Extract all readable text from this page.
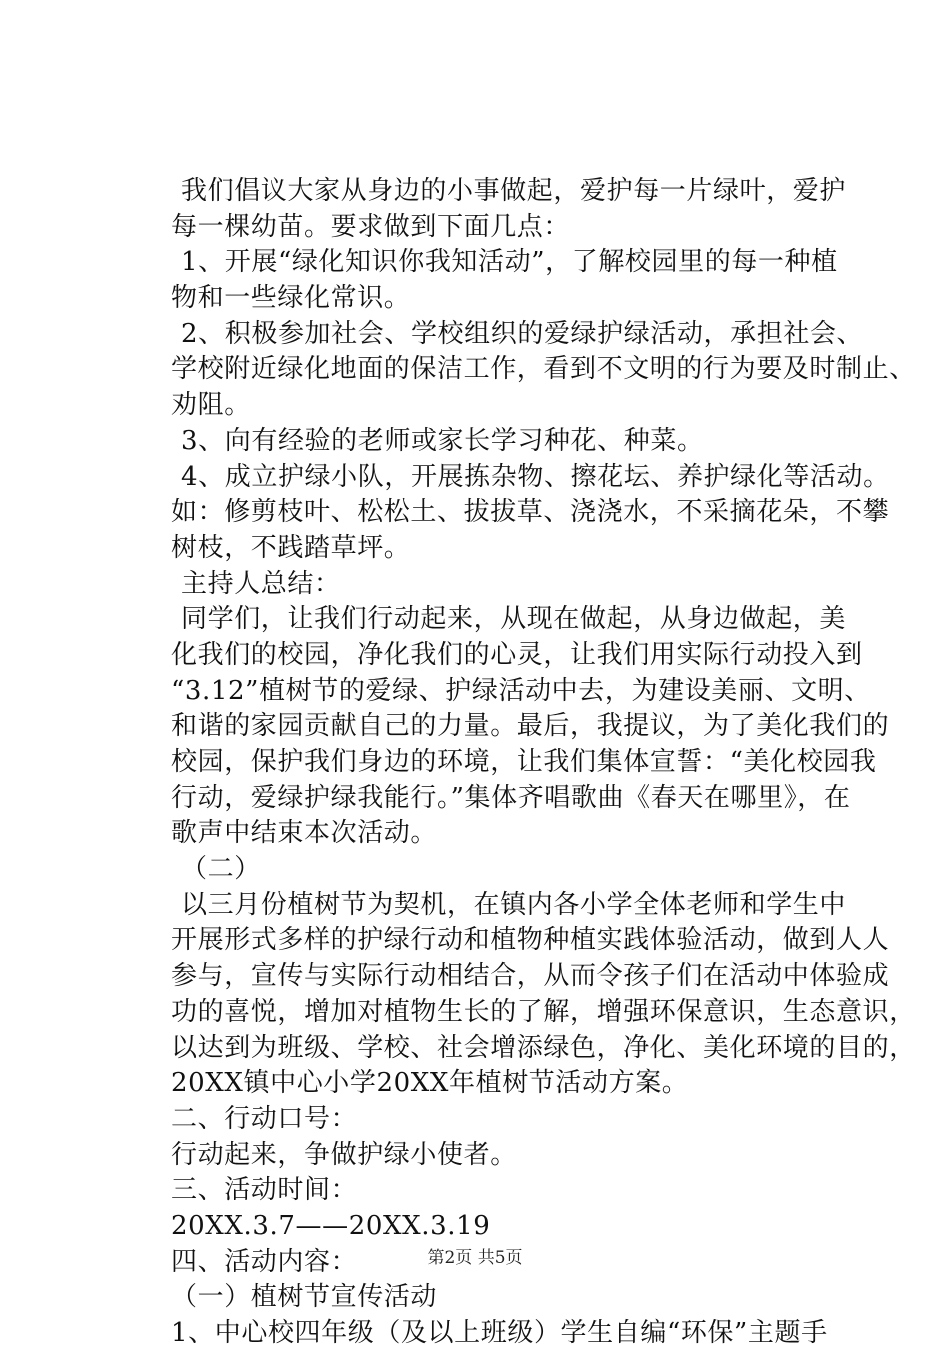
我们倡议大家从身边的小事做起，爱护每一片绿叶，爱护
每一棵幼苗。要求做到下面几点：
1、开展“绿化知识你我知活动”，了解校园里的每一种植
物和一些绿化常识。
2、积极参加社会、学校组织的爱绿护绿活动，承担社会、
学校附近绿化地面的保洁工作，看到不文明的行为要及时制止、
劝阻。
3、向有经验的老师或家长学习种花、种菜。
4、成立护绿小队，开展拣杂物、擦花坛、养护绿化等活动。
如：修剪枝叶、松松土、拔拔草、浇浇水，不采摘花朵，不攀
树枝，不践踏草坪。
主持人总结：
同学们，让我们行动起来，从现在做起，从身边做起，美
化我们的校园，净化我们的心灵，让我们用实际行动投入到
“3.12”植树节的爱绿、护绿活动中去，为建设美丽、文明、
和谐的家园贡献自己的力量。最后，我提议，为了美化我们的
校园，保护我们身边的环境，让我们集体宣誓：“美化校园我
行动，爱绿护绿我能行。”集体齐唱歌曲《春天在哪里》，在
歌声中结束本次活动。
（二）
以三月份植树节为契机，在镇内各小学全体老师和学生中
开展形式多样的护绿行动和植物种植实践体验活动，做到人人
参与，宣传与实际行动相结合，从而令孩子们在活动中体验成
功的喜悦，增加对植物生长的了解，增强环保意识，生态意识，
以达到为班级、学校、社会增添绿色，净化、美化环境的目的，
20XX镇中心小学20XX年植树节活动方案。
二、行动口号：
行动起来，争做护绿小使者。
三、活动时间：
20XX.3.7——20XX.3.19
四、活动内容：
（一）植树节宣传活动
1、中心校四年级（及以上班级）学生自编“环保”主题手
第2页 共5页
